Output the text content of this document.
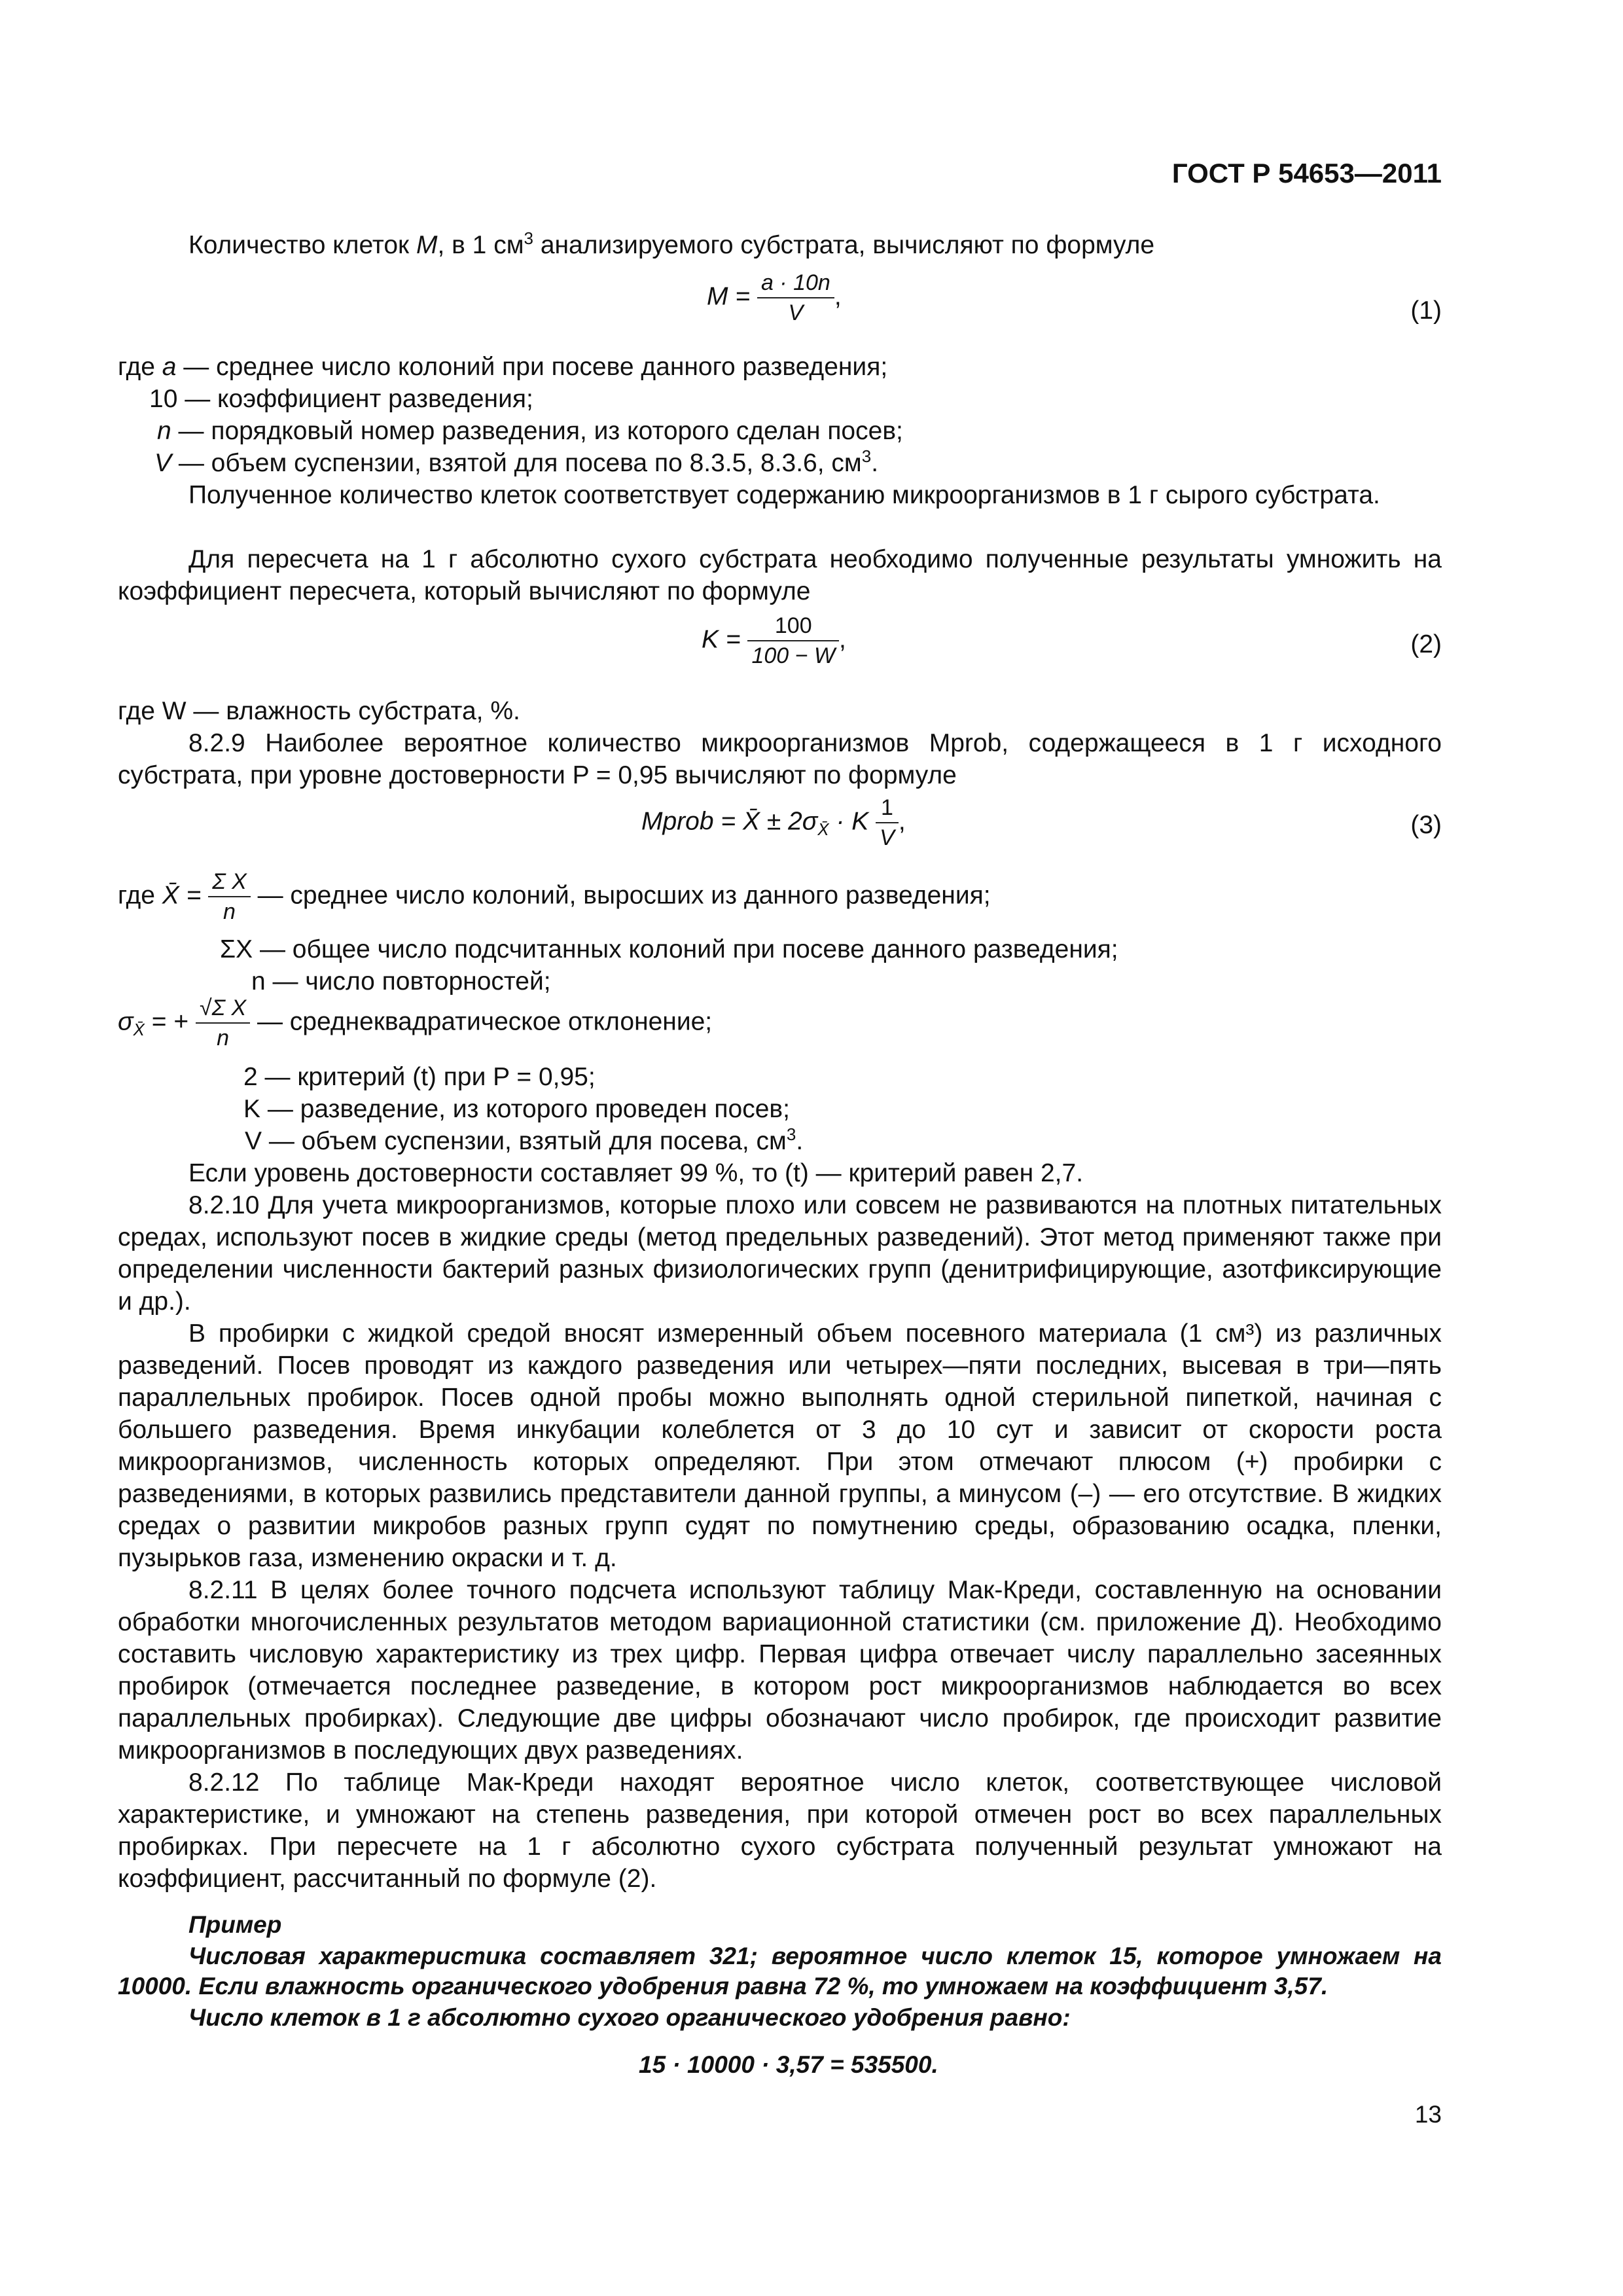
ГОСТ Р 54653—2011
Количество клеток M, в 1 $см^3$ анализируемого субстрата, вычисляют по формуле
$M = \frac{a \cdot 10n}{V}$ ,
(1)
где a — среднее число колоний при посеве данного разведения;
10 — коэффициент разведения;
n — порядковый номер разведения, из которого сделан посев;
V — объем суспензии, взятой для посева по 8.3.5, 8.3.6, $см^3$.
Полученное количество клеток соответствует содержанию микроорганизмов в 1 г сырого субстрата.
Для пересчета на 1 г абсолютно сухого субстрата необходимо полученные результаты умножить на коэффициент пересчета, который вычисляют по формуле
$K = \frac{100}{100 - W}$ ,	(2)
где W — влажность субстрата, %.
8.2.9 Наиболее вероятное количество микроорганизмов Mprob, содержащееся в 1 г исходного субстрата, при уровне достоверности P = 0,95 вычисляют по формуле
Mprob = X̄ ± $2\sigma_{X̄} \cdot K \frac{1}{V}$ ,	(3)
где X̄ = $\frac{\text{Σ X}}{n}$ — среднее число колоний, выросших из данного разведения;
ΣX — общее число подсчитанных колоний при посеве данного разведения;
n — число повторностей;
$\sigma_{X̄}$ = + $\frac{\text{√Σ X}}{n}$ — среднеквадратическое отклонение;
2 — критерий (t) при P = 0,95;
K — разведение, из которого проведен посев;
V — объем суспензии, взятый для посева, $см^3$.
Если уровень достоверности составляет 99 %, то (t) — критерий равен 2,7.
8.2.10 Для учета микроорганизмов, которые плохо или совсем не развиваются на плотных питательных средах, используют посев в жидкие среды (метод предельных разведений). Этот метод применяют также при определении численности бактерий разных физиологических групп (денитрифицирующие, азотфиксирующие и др.).
В пробирки с жидкой средой вносят измеренный объем посевного материала (1 см³) из различных разведений. Посев проводят из каждого разведения или четырех—пяти последних, высевая в три—пять параллельных пробирок. Посев одной пробы можно выполнять одной стерильной пипеткой, начиная с большего разведения. Время инкубации колеблется от 3 до 10 сут и зависит от скорости роста микроорганизмов, численность которых определяют. При этом отмечают плюсом (+) пробирки с разведениями, в которых развились представители данной группы, а минусом (–) — его отсутствие. В жидких средах о развитии микробов разных групп судят по помутнению среды, образованию осадка, пленки, пузырьков газа, изменению окраски и т. д.
8.2.11 В целях более точного подсчета используют таблицу Мак-Креди, составленную на основании обработки многочисленных результатов методом вариационной статистики (см. приложение Д). Необходимо составить числовую характеристику из трех цифр. Первая цифра отвечает числу параллельно засеянных пробирок (отмечается последнее разведение, в котором рост микроорганизмов наблюдается во всех параллельных пробирках). Следующие две цифры обозначают число пробирок, где происходит развитие микроорганизмов в последующих двух разведениях.
8.2.12 По таблице Мак-Креди находят вероятное число клеток, соответствующее числовой характеристике, и умножают на степень разведения, при которой отмечен рост во всех параллельных пробирках. При пересчете на 1 г абсолютно сухого субстрата полученный результат умножают на коэффициент, рассчитанный по формуле (2).
Пример
Числовая характеристика составляет 321; вероятное число клеток 15, которое умножаем на 10000. Если влажность органического удобрения равна 72 %, то умножаем на коэффициент 3,57.
Число клеток в 1 г абсолютно сухого органического удобрения равно:
15 · 10000 · 3,57 = 535500.
13
